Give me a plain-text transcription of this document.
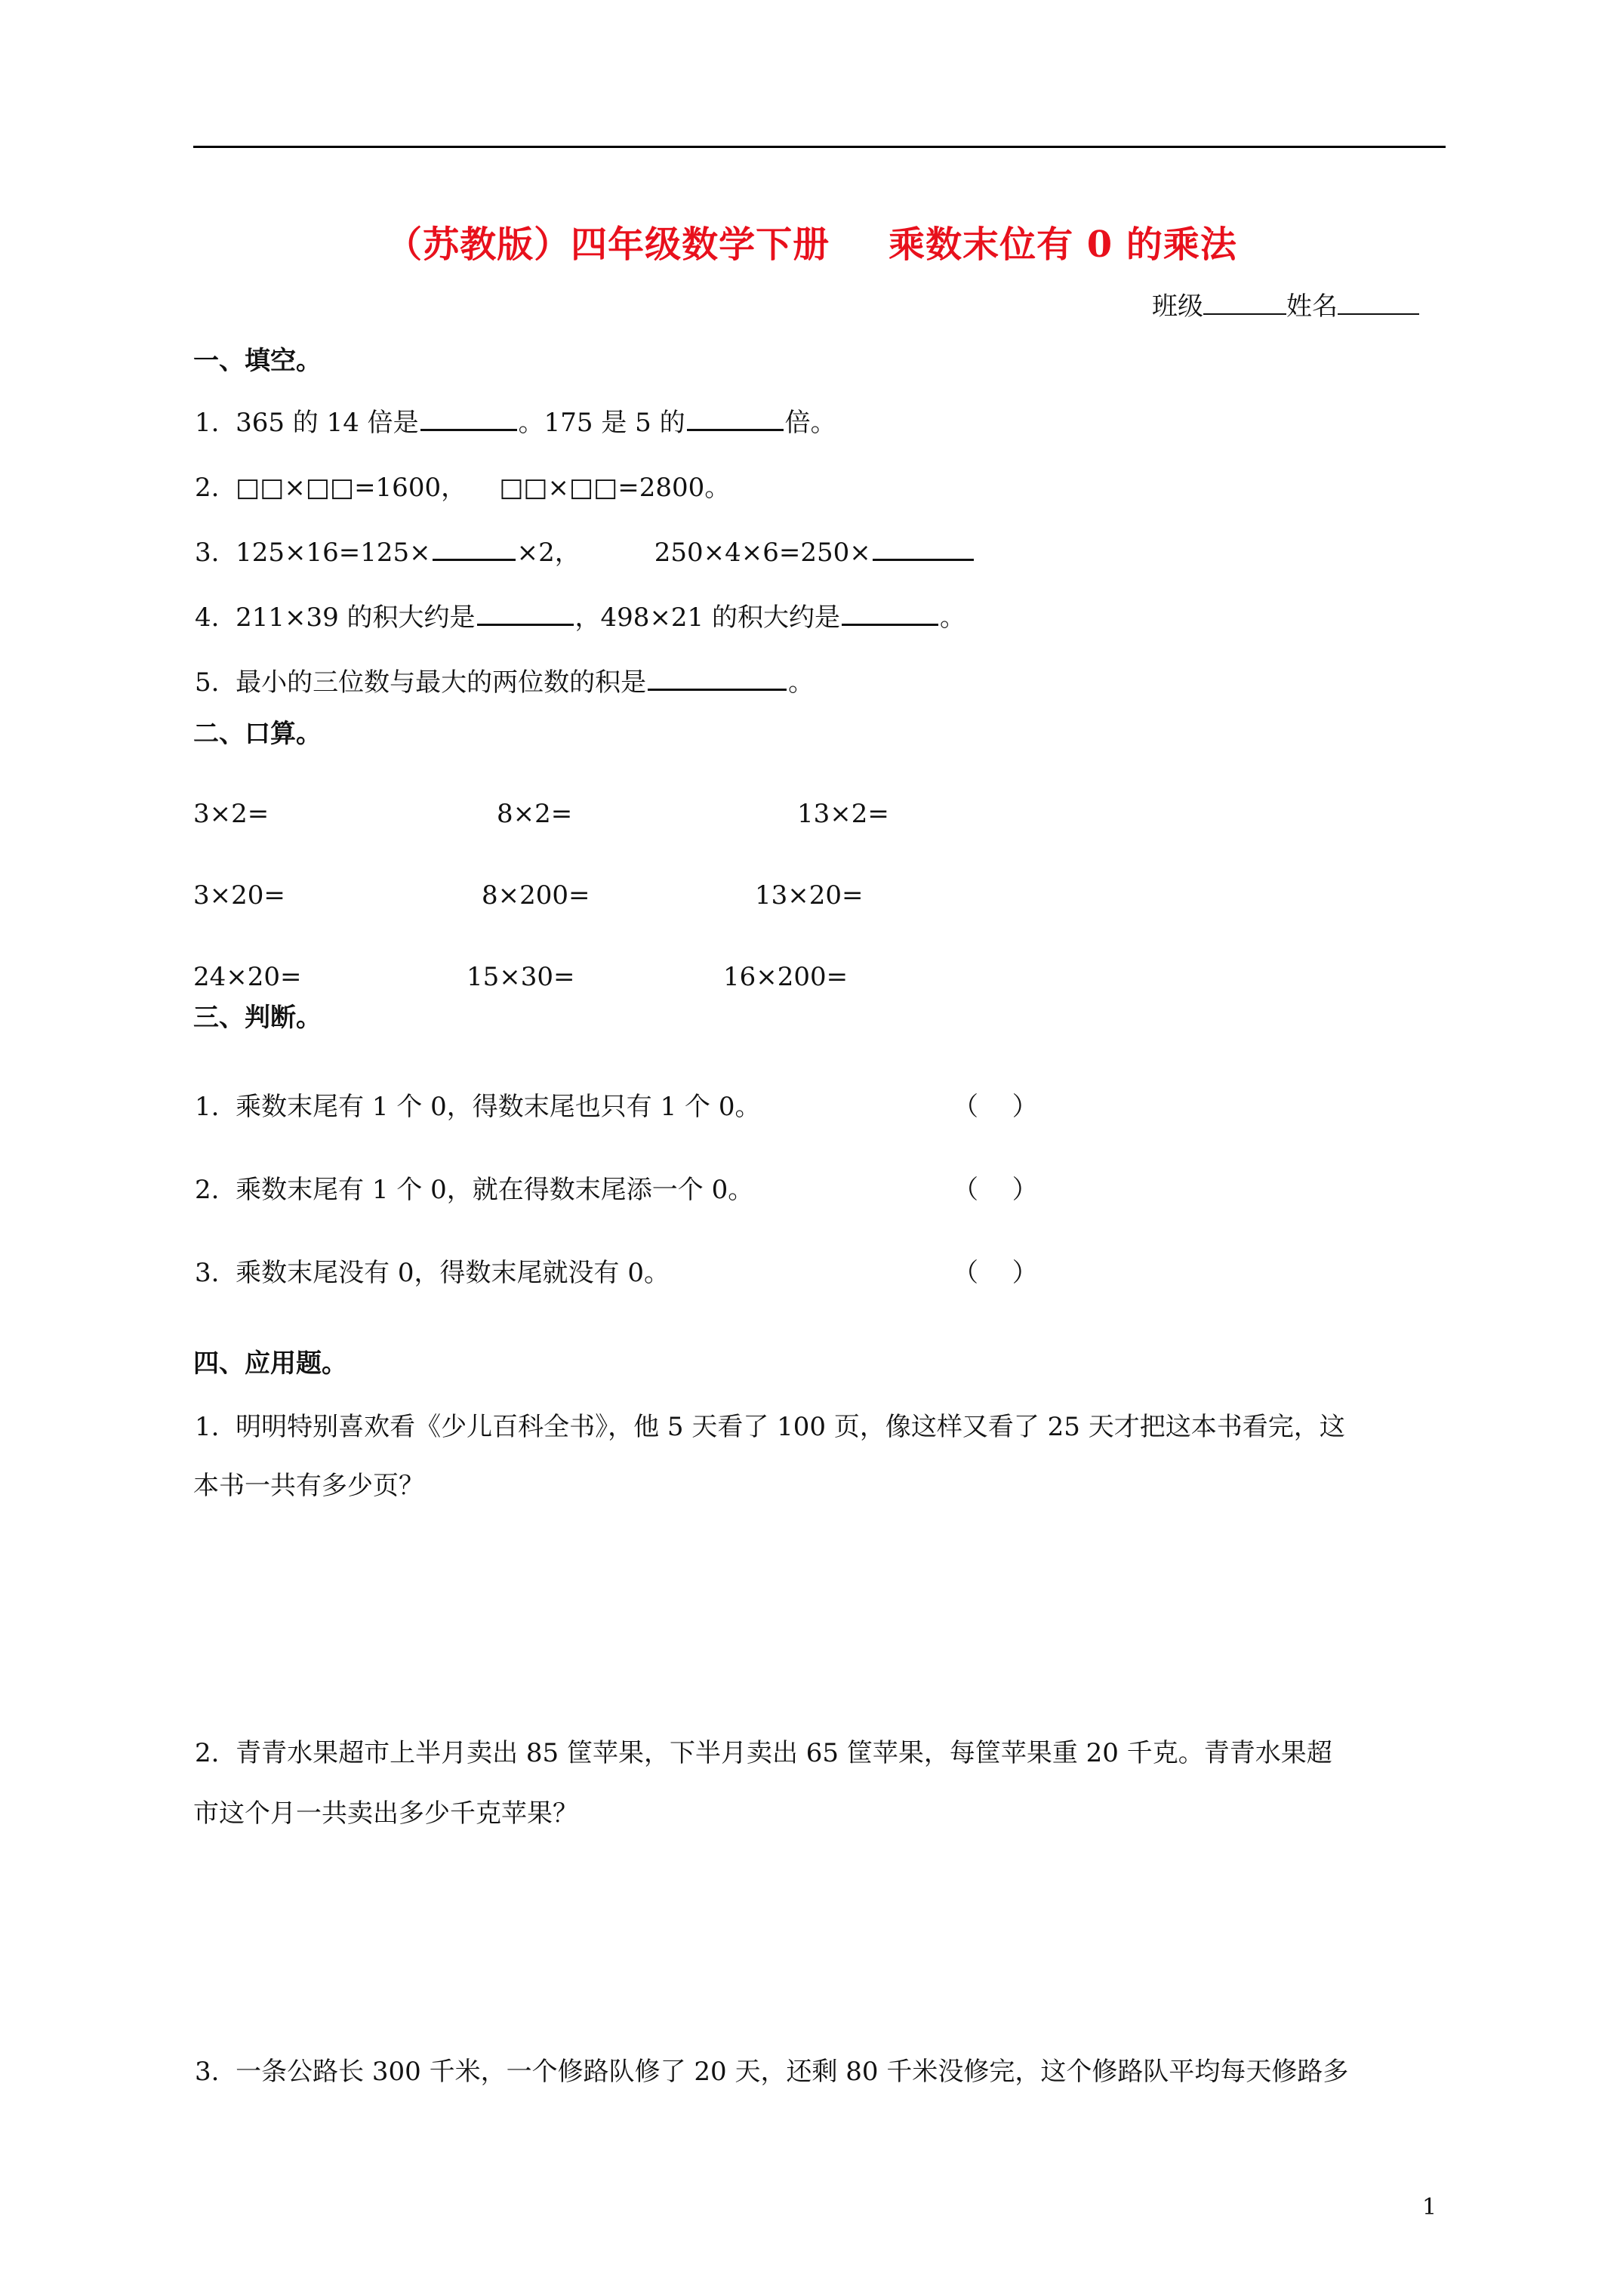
（苏教版）四年级数学下册 乘数末位有 0 的乘法
班级	姓名
一、填空。
1. 365 的 14 倍是	。175 是 5 的	倍。
2. □□×□□=1600， □□×□□=2800。
3. 125×16=125×	×2，	250×4×6=250×
4. 211×39 的积大约是	，498×21 的积大约是	。
5. 最小的三位数与最大的两位数的积是	。
二、口算。
3×2=	8×2=	13×2=
3×20=	8×200=	13×20=
24×20=	15×30=	16×200=
三、判断。
1. 乘数末尾有 1 个 0，得数末尾也只有 1 个 0。	（　 ）
2. 乘数末尾有 1 个 0，就在得数末尾添一个 0。	（　 ）
3. 乘数末尾没有 0，得数末尾就没有 0。	（　 ）
四、应用题。
1. 明明特别喜欢看《少儿百科全书》，他 5 天看了 100 页，像这样又看了 25 天才把这本书看完，这
本书一共有多少页？
2. 青青水果超市上半月卖出 85 筐苹果，下半月卖出 65 筐苹果，每筐苹果重 20 千克。青青水果超
市这个月一共卖出多少千克苹果？
3. 一条公路长 300 千米，一个修路队修了 20 天，还剩 80 千米没修完，这个修路队平均每天修路多
1
